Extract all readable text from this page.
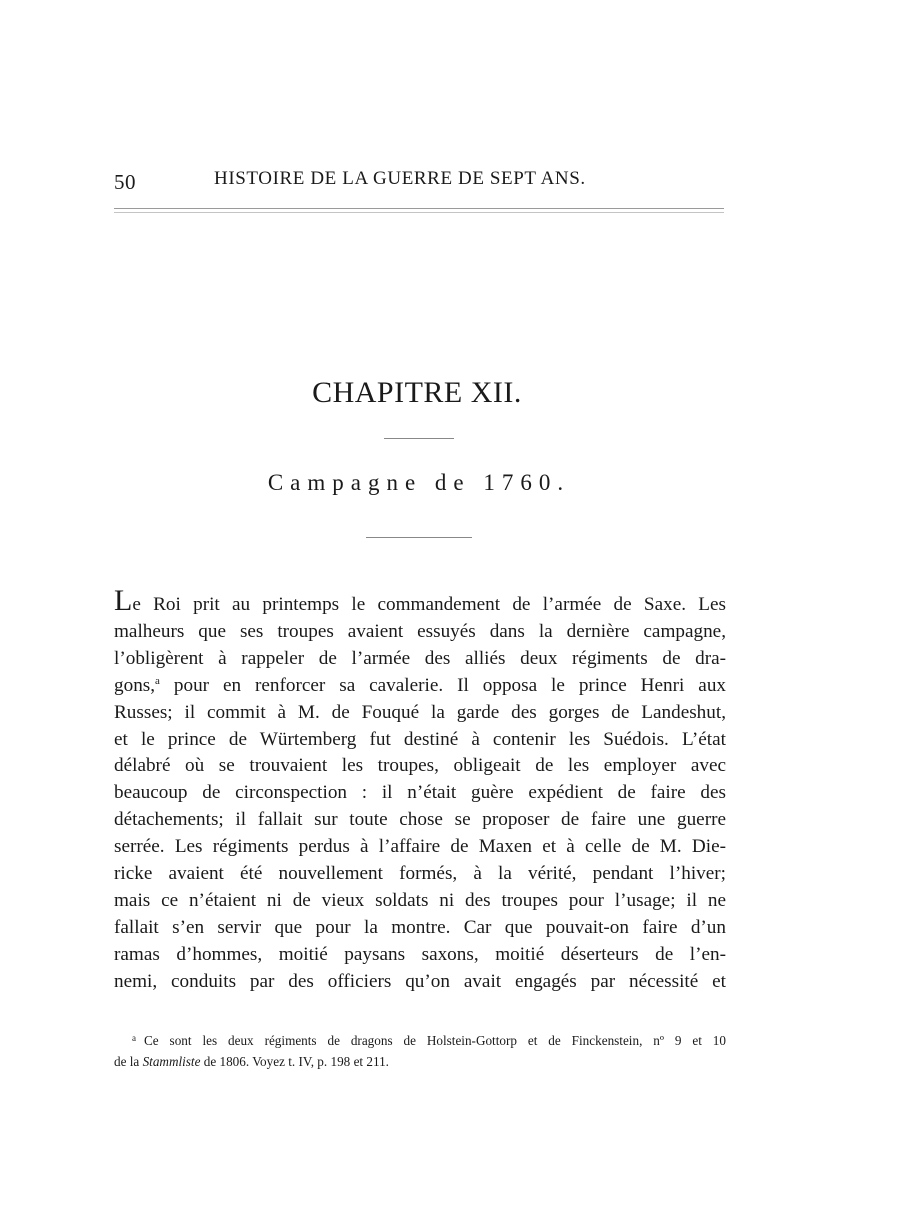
50	HISTOIRE DE LA GUERRE DE SEPT ANS.
CHAPITRE XII.
Campagne de 1760.
Le Roi prit au printemps le commandement de l’armée de Saxe. Les
malheurs que ses troupes avaient essuyés dans la dernière campagne,
l’obligèrent à rappeler de l’armée des alliés deux régiments de dra-
gons,$^a$ pour en renforcer sa cavalerie. Il opposa le prince Henri aux
Russes; il commit à M. de Fouqué la garde des gorges de Landeshut,
et le prince de Würtemberg fut destiné à contenir les Suédois. L’état
délabré où se trouvaient les troupes, obligeait de les employer avec
beaucoup de circonspection : il n’était guère expédient de faire des
détachements; il fallait sur toute chose se proposer de faire une guerre
serrée. Les régiments perdus à l’affaire de Maxen et à celle de M. Die-
ricke avaient été nouvellement formés, à la vérité, pendant l’hiver;
mais ce n’étaient ni de vieux soldats ni des troupes pour l’usage; il ne
fallait s’en servir que pour la montre. Car que pouvait-on faire d’un
ramas d’hommes, moitié paysans saxons, moitié déserteurs de l’en-
nemi, conduits par des officiers qu’on avait engagés par nécessité et
$^a$ Ce sont les deux régiments de dragons de Holstein-Gottorp et de Finckenstein, nº 9 et 10
de la Stammliste de 1806. Voyez t. IV, p. 198 et 211.
